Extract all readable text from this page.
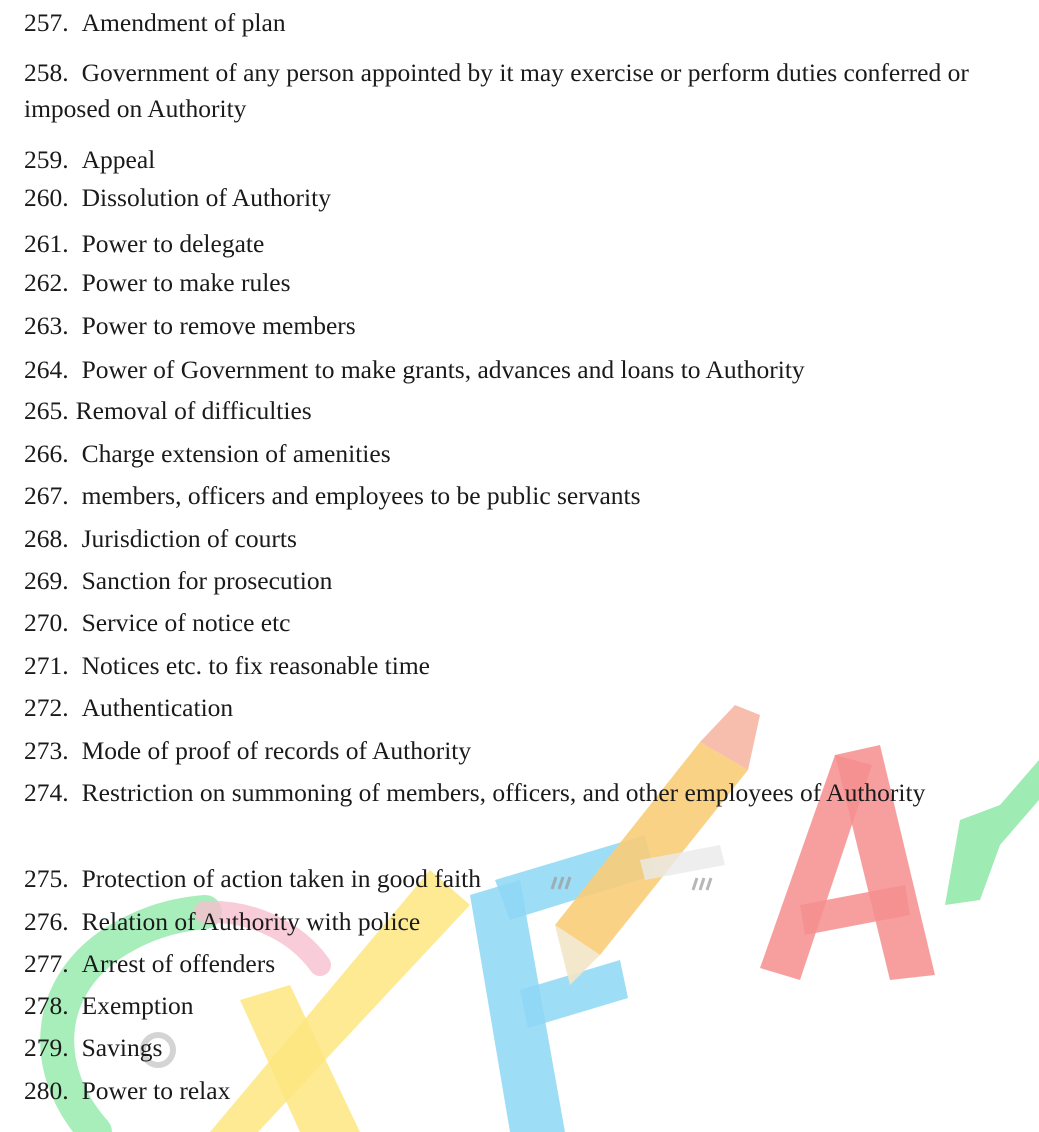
257. Amendment of plan
258. Government of any person appointed by it may exercise or perform duties conferred or imposed on Authority
259. Appeal
260. Dissolution of Authority
261. Power to delegate
262. Power to make rules
263. Power to remove members
264. Power of Government to make grants, advances and loans to Authority
265. Removal of difficulties
266. Charge extension of amenities
267. members, officers and employees to be public servants
268. Jurisdiction of courts
269. Sanction for prosecution
270. Service of notice etc
271. Notices etc. to fix reasonable time
272. Authentication
273. Mode of proof of records of Authority
274. Restriction on summoning of members, officers, and other employees of Authority
275. Protection of action taken in good faith
276. Relation of Authority with police
277. Arrest of offenders
278. Exemption
279. Savings
280. Power to relax
